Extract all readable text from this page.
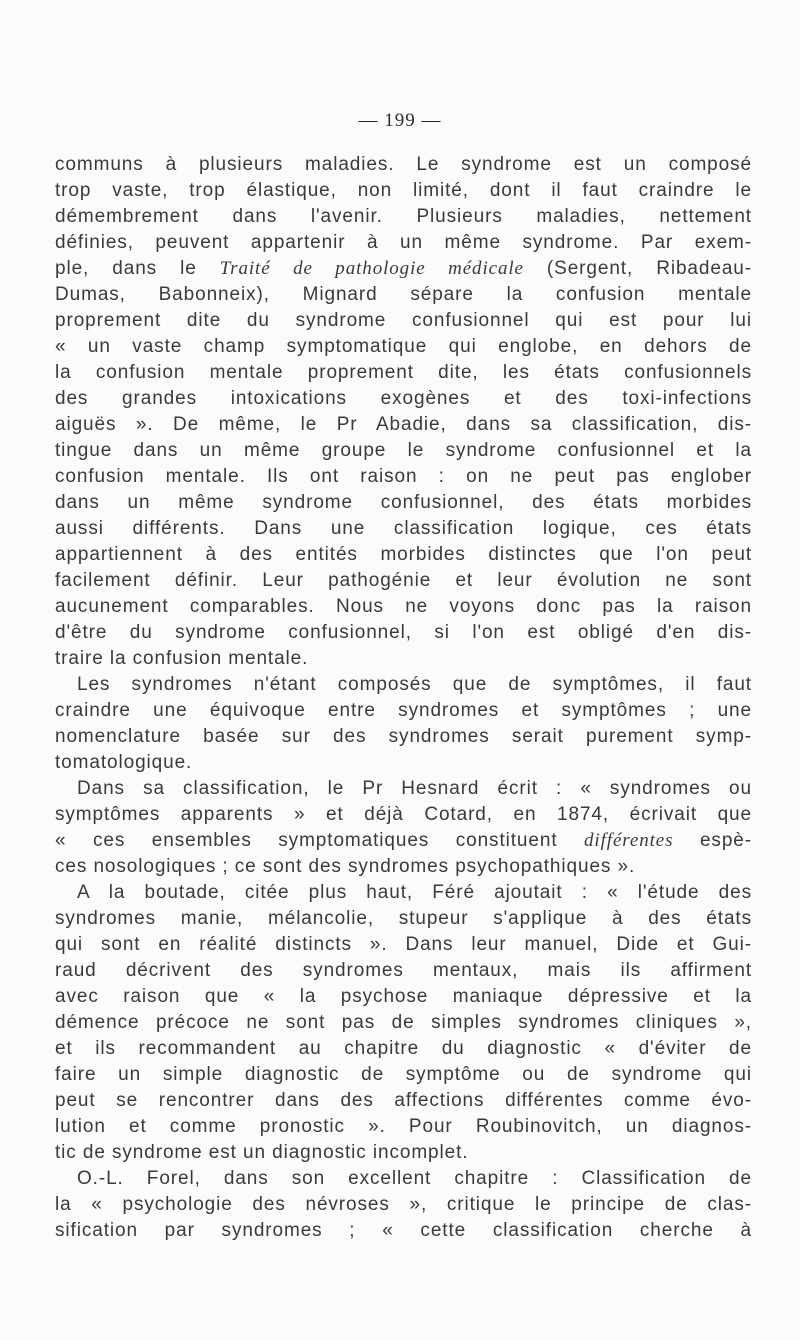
— 199 —
communs à plusieurs maladies. Le syndrome est un composé
trop vaste, trop élastique, non limité, dont il faut craindre le
démembrement dans l'avenir. Plusieurs maladies, nettement
définies, peuvent appartenir à un même syndrome. Par exem-
ple, dans le Traité de pathologie médicale (Sergent, Ribadeau-
Dumas, Babonneix), Mignard sépare la confusion mentale
proprement dite du syndrome confusionnel qui est pour lui
« un vaste champ symptomatique qui englobe, en dehors de
la confusion mentale proprement dite, les états confusionnels
des grandes intoxications exogènes et des toxi-infections
aiguës ». De même, le Pr Abadie, dans sa classification, dis-
tingue dans un même groupe le syndrome confusionnel et la
confusion mentale. Ils ont raison : on ne peut pas englober
dans un même syndrome confusionnel, des états morbides
aussi différents. Dans une classification logique, ces états
appartiennent à des entités morbides distinctes que l'on peut
facilement définir. Leur pathogénie et leur évolution ne sont
aucunement comparables. Nous ne voyons donc pas la raison
d'être du syndrome confusionnel, si l'on est obligé d'en dis-
traire la confusion mentale.
Les syndromes n'étant composés que de symptômes, il faut
craindre une équivoque entre syndromes et symptômes ; une
nomenclature basée sur des syndromes serait purement symp-
tomatologique.
Dans sa classification, le Pr Hesnard écrit : « syndromes ou
symptômes apparents » et déjà Cotard, en 1874, écrivait que
« ces ensembles symptomatiques constituent différentes espè-
ces nosologiques ; ce sont des syndromes psychopathiques ».
A la boutade, citée plus haut, Féré ajoutait : « l'étude des
syndromes manie, mélancolie, stupeur s'applique à des états
qui sont en réalité distincts ». Dans leur manuel, Dide et Gui-
raud décrivent des syndromes mentaux, mais ils affirment
avec raison que « la psychose maniaque dépressive et la
démence précoce ne sont pas de simples syndromes cliniques »,
et ils recommandent au chapitre du diagnostic « d'éviter de
faire un simple diagnostic de symptôme ou de syndrome qui
peut se rencontrer dans des affections différentes comme évo-
lution et comme pronostic ». Pour Roubinovitch, un diagnos-
tic de syndrome est un diagnostic incomplet.
O.-L. Forel, dans son excellent chapitre : Classification de
la « psychologie des névroses », critique le principe de clas-
sification par syndromes ; « cette classification cherche à
